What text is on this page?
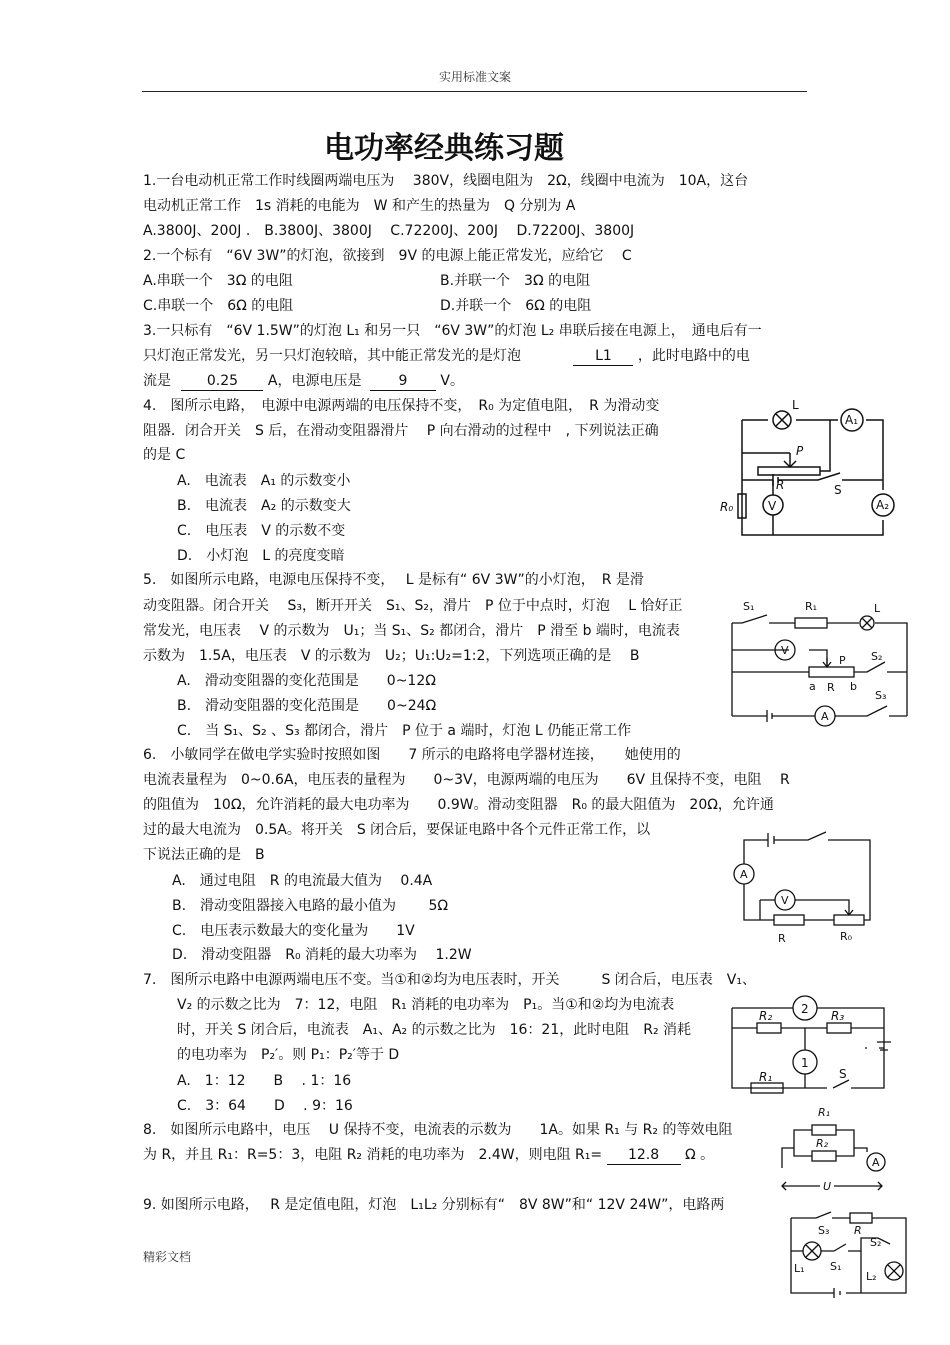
实用标准文案
电功率经典练习题
1.一台电动机正常工作时线圈两端电压为　 380V，线圈电阻为　2Ω，线圈中电流为　10A，这台
电动机正常工作　1s 消耗的电能为　W 和产生的热量为　Q 分别为 A
A.3800J、200J .　B.3800J、3800J　 C.72200J、200J　 D.72200J、3800J
2.一个标有　“6V 3W”的灯泡，欲接到　9V 的电源上能正常发光，应给它　 C
A.串联一个　3Ω 的电阻	B.并联一个　3Ω 的电阻
C.串联一个　6Ω 的电阻	D.并联一个　6Ω 的电阻
3.一只标有　“6V 1.5W”的灯泡 L₁ 和另一只　“6V 3W”的灯泡 L₂ 串联后接在电源上，　通电后有一
只灯泡正常发光，另一只灯泡较暗，其中能正常发光的是灯泡	L1 ，此时电路中的电
流是	0.25 A，电源电压是	9 V。
4.　图所示电路，　电源中电源两端的电压保持不变，　R₀ 为定值电阻，　R 为滑动变
阻器．闭合开关　S 后，在滑动变阻器滑片　 P 向右滑动的过程中　, 下列说法正确
的是 C
A.　电流表　A₁ 的示数变小
B.　电流表　A₂ 的示数变大
C.　电压表　V 的示数不变
D.　小灯泡　L 的亮度变暗
5.　如图所示电路，电源电压保持不变，　 L 是标有“ 6V 3W”的小灯泡，　R 是滑
动变阻器。闭合开关　 S₃，断开开关　S₁、S₂，滑片　P 位于中点时，灯泡　 L 恰好正
常发光，电压表　 V 的示数为　U₁；当 S₁、S₂ 都闭合，滑片　P 滑至 b 端时，电流表
示数为　1.5A，电压表　V 的示数为　U₂；U₁:U₂=1:2，下列选项正确的是　 B
A.　滑动变阻器的变化范围是　　0~12Ω
B.　滑动变阻器的变化范围是　　0~24Ω
C.　当 S₁、S₂ 、S₃ 都闭合，滑片　P 位于 a 端时，灯泡 L 仍能正常工作
6.　小敏同学在做电学实验时按照如图　　7 所示的电路将电学器材连接，　　她使用的
电流表量程为　0~0.6A，电压表的量程为　　0~3V，电源两端的电压为　　6V 且保持不变，电阻　 R
的阻值为　10Ω，允许消耗的最大电功率为　　0.9W。滑动变阻器　R₀ 的最大阻值为　20Ω，允许通
过的最大电流为　0.5A。将开关　S 闭合后，要保证电路中各个元件正常工作，以
下说法正确的是　B
A.　通过电阻　R 的电流最大值为　 0.4A
B.　滑动变阻器接入电路的最小值为　　 5Ω
C.　电压表示数最大的变化量为　　1V
D.　滑动变阻器　R₀ 消耗的最大功率为　 1.2W
7.　图所示电路中电源两端电压不变。当①和②均为电压表时，开关　　　S 闭合后，电压表　V₁、
V₂ 的示数之比为　7：12，电阻　R₁ 消耗的电功率为　P₁。当①和②均为电流表
时，开关 S 闭合后，电流表　A₁、A₂ 的示数之比为　16：21，此时电阻　R₂ 消耗
的电功率为　P₂′。则 P₁：P₂′等于 D
A.　1：12　　B　 . 1：16
C.　3：64　　D　 . 9：16
8.　如图所示电路中，电压　 U 保持不变，电流表的示数为　　1A。如果 R₁ 与 R₂ 的等效电阻
为 R，并且 R₁：R=5：3，电阻 R₂ 消耗的电功率为　2.4W，则电阻 R₁= 12.8 Ω 。
9. 如图所示电路，　 R 是定值电阻，灯泡　L₁L₂ 分别标有“　8V 8W”和“ 12V 24W”，电路两
精彩文档
L
A₁
P
R	S
R₀	V	A₂
S₁	R₁	L
V
P S₂
a R b
S₃
A
A
V
R	R₀
2
R₂	R₃
1
R₁	S
R₁
R₂
A
U
S₃ R
S₂
L₁ S₁
L₂
